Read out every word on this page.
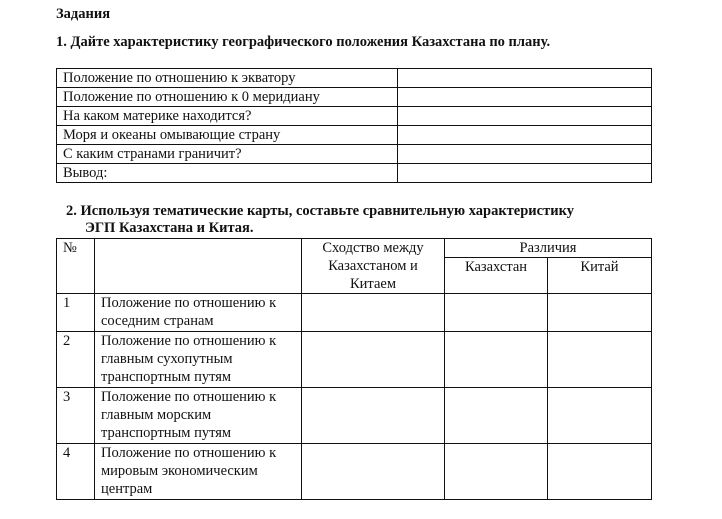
Задания
1. Дайте характеристику географического положения Казахстана по плану.
Положение по отношению к экватору	
Положение по отношению к 0 меридиану	
На каком материке находится?	
Моря и океаны омывающие страну	
С каким странами граничит?	
Вывод:	
2. Используя тематические карты, составьте сравнительную характеристику
ЭГП Казахстана и Китая.
№		Сходство между Казахстаном и Китаем	Различия	
			Казахстан	Китай
1	Положение по отношению к соседним странам			
2	Положение по отношению к главным сухопутным транспортным путям			
3	Положение по отношению к главным морским транспортным путям			
4	Положение по отношению к мировым экономическим центрам			
